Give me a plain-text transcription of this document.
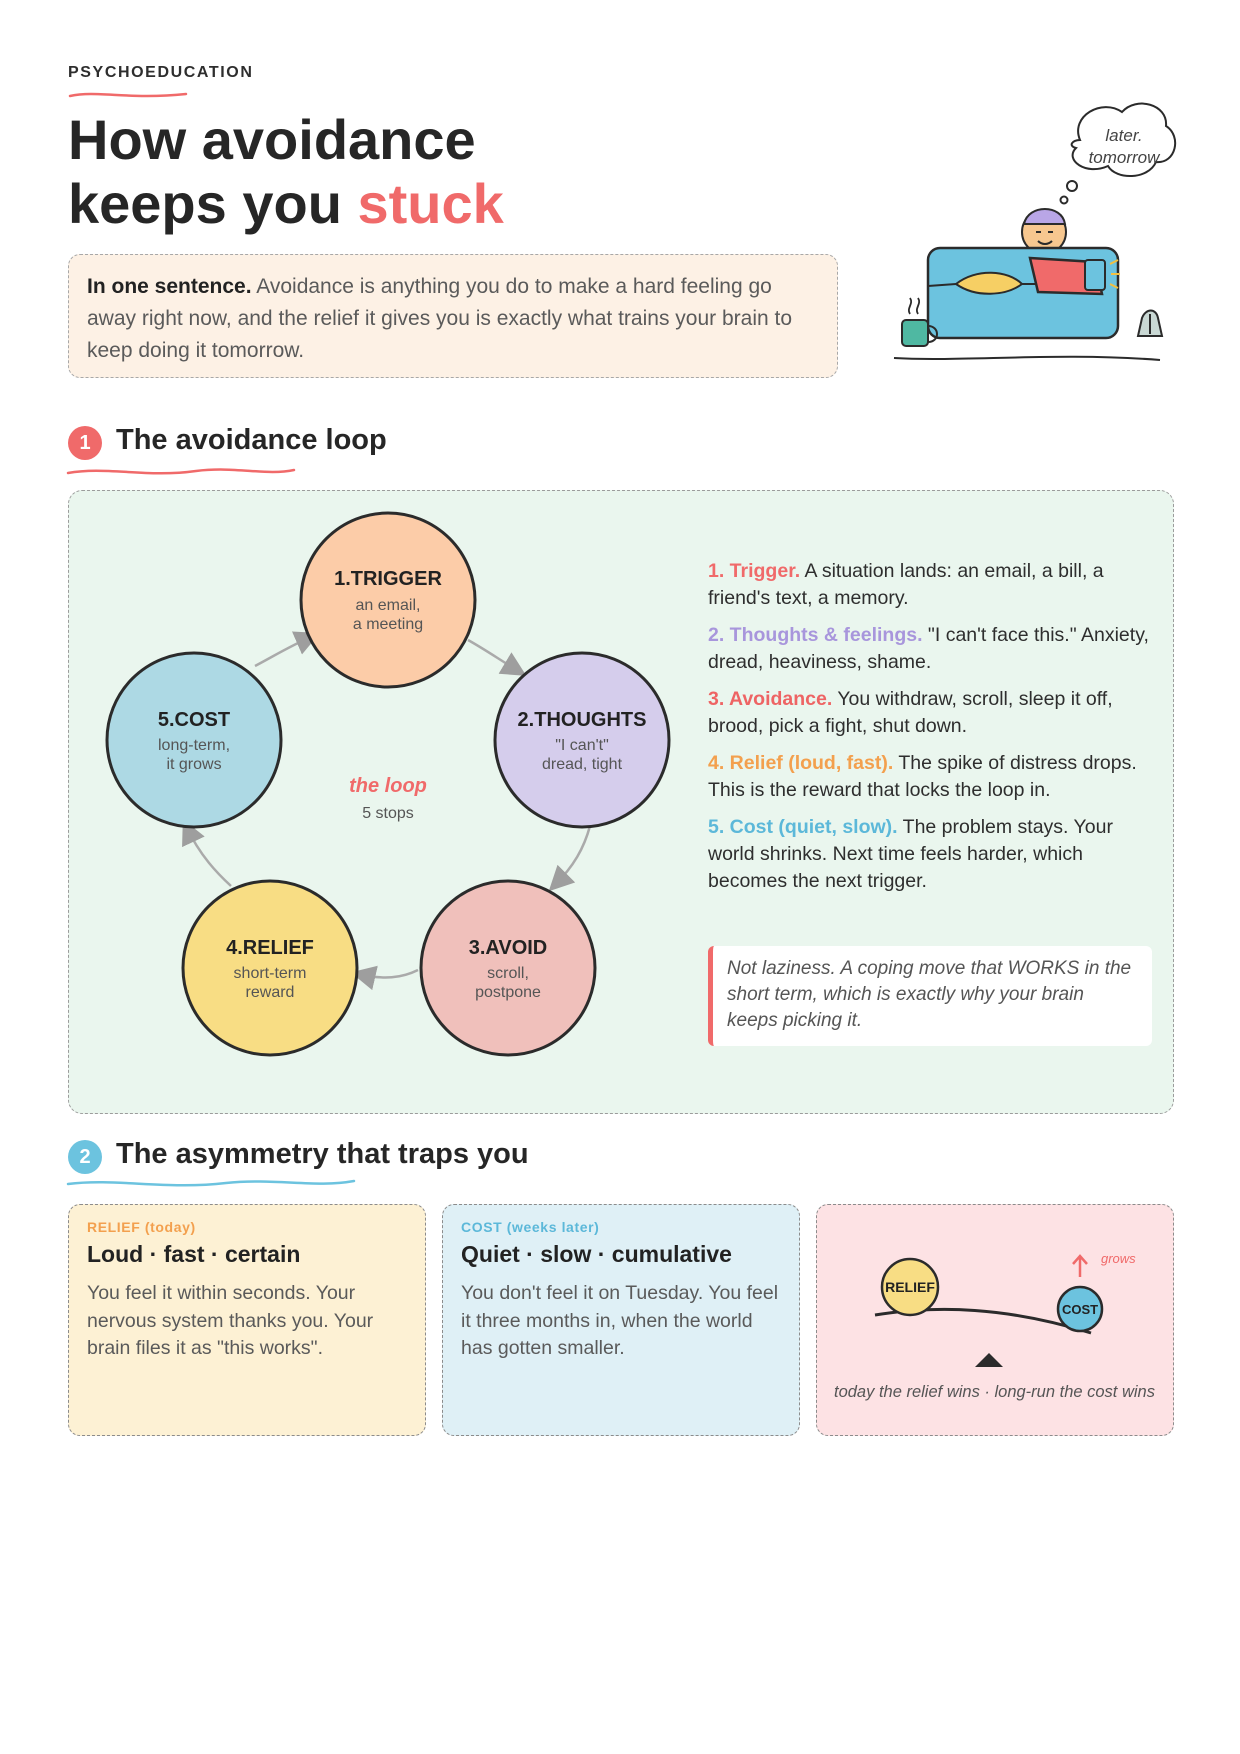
PSYCHOEDUCATION
How avoidance
keeps you stuck
In one sentence. Avoidance is anything you do to make a hard feeling go away right now, and the relief it gives you is exactly what trains your brain to keep doing it tomorrow.
later.
tomorrow
1 The avoidance loop
1.TRIGGER
an email,
a meeting
2.THOUGHTS
"I can't"
dread, tight
3.AVOID
scroll,
postpone
4.RELIEF
short-term
reward
5.COST
long-term,
it grows
the loop
5 stops

1. Trigger. A situation lands: an email, a bill, a friend's text, a memory.

2. Thoughts & feelings. "I can't face this." Anxiety, dread, heaviness, shame.

3. Avoidance. You withdraw, scroll, sleep it off, brood, pick a fight, shut down.

4. Relief (loud, fast). The spike of distress drops. This is the reward that locks the loop in.

5. Cost (quiet, slow). The problem stays. Your world shrinks. Next time feels harder, which becomes the next trigger.

Not laziness. A coping move that WORKS in the short term, which is exactly why your brain keeps picking it.
2 The asymmetry that traps you
RELIEF (today)
Loud · fast · certain
You feel it within seconds. Your nervous system thanks you. Your brain files it as "this works".
COST (weeks later)
Quiet · slow · cumulative
You don't feel it on Tuesday. You feel it three months in, when the world has gotten smaller.
RELIEF
COST
grows
today the relief wins · long-run the cost wins
